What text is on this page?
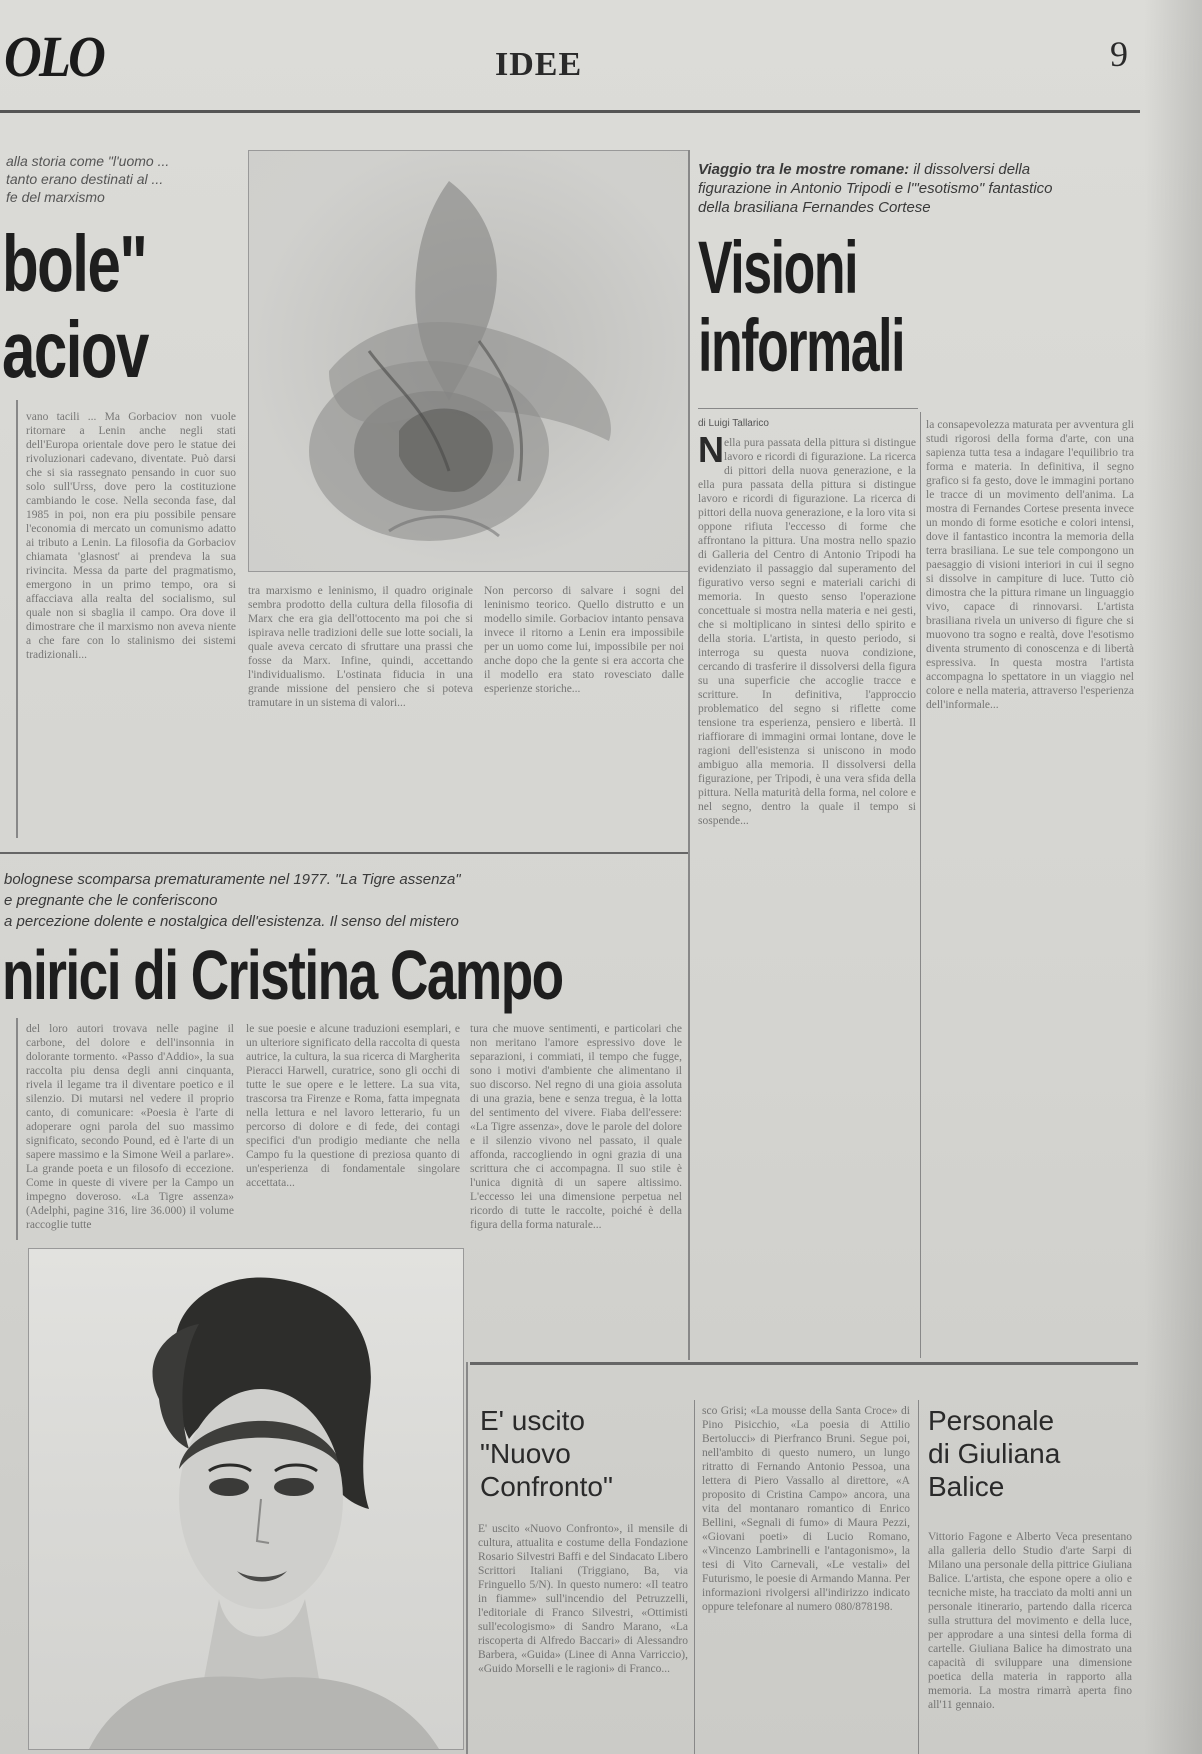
OLO	IDEE	9
alla storia come "l'uomo ... tanto erano destinati al ... fe del marxismo
bole"
aciov

vano tacili ... Ma Gorbaciov non vuole ritornare a Lenin anche negli stati dell'Europa orientale dove pero le statue dei rivoluzionari cadevano, diventate. Può darsi che si sia rassegnato pensando in cuor suo solo sull'Urss, dove pero la costituzione cambiando le cose. Nella seconda fase, dal 1985 in poi, non era piu possibile pensare l'economia di mercato un comunismo adatto ai tributo a Lenin. La filosofia da Gorbaciov chiamata 'glasnost' ai prendeva la sua rivincita. Messa da parte del pragmatismo, emergono in un primo tempo, ora si affacciava alla realta del socialismo, sul quale non si sbaglia il campo. Ora dove il dimostrare che il marxismo non aveva niente a che fare con lo stalinismo dei sistemi tradizionali...

tra marxismo e leninismo, il quadro originale sembra prodotto della cultura della filosofia di Marx che era gia dell'ottocento ma poi che si ispirava nelle tradizioni delle sue lotte sociali, la quale aveva cercato di sfruttare una prassi che fosse da Marx. Infine, quindi, accettando l'individualismo. L'ostinata fiducia in una grande missione del pensiero che si poteva tramutare in un sistema di valori...

Non percorso di salvare i sogni del leninismo teorico. Quello distrutto e un modello simile. Gorbaciov intanto pensava invece il ritorno a Lenin era impossibile per un uomo come lui, impossibile per noi anche dopo che la gente si era accorta che il modello era stato rovesciato dalle esperienze storiche...

Viaggio tra le mostre romane: il dissolversi della figurazione in Antonio Tripodi e l'"esotismo" fantastico della brasiliana Fernandes Cortese
Visioni
informali
di Luigi Tallarico
N ella pura passata della pittura si distingue lavoro e ricordi di figurazione. La ricerca di pittori della nuova generazione, e la

ella pura passata della pittura si distingue lavoro e ricordi di figurazione. La ricerca di pittori della nuova generazione, e la loro vita si oppone rifiuta l'eccesso di forme che affrontano la pittura. Una mostra nello spazio di Galleria del Centro di Antonio Tripodi ha evidenziato il passaggio dal superamento del figurativo verso segni e materiali carichi di memoria. In questo senso l'operazione concettuale si mostra nella materia e nei gesti, che si moltiplicano in sintesi dello spirito e della storia. L'artista, in questo periodo, si interroga su questa nuova condizione, cercando di trasferire il dissolversi della figura su una superficie che accoglie tracce e scritture. In definitiva, l'approccio problematico del segno si riflette come tensione tra esperienza, pensiero e libertà. Il riaffiorare di immagini ormai lontane, dove le ragioni dell'esistenza si uniscono in modo ambiguo alla memoria. Il dissolversi della figurazione, per Tripodi, è una vera sfida della pittura. Nella maturità della forma, nel colore e nel segno, dentro la quale il tempo si sospende...

la consapevolezza maturata per avventura gli studi rigorosi della forma d'arte, con una sapienza tutta tesa a indagare l'equilibrio tra forma e materia. In definitiva, il segno grafico si fa gesto, dove le immagini portano le tracce di un movimento dell'anima. La mostra di Fernandes Cortese presenta invece un mondo di forme esotiche e colori intensi, dove il fantastico incontra la memoria della terra brasiliana. Le sue tele compongono un paesaggio di visioni interiori in cui il segno si dissolve in campiture di luce. Tutto ciò dimostra che la pittura rimane un linguaggio vivo, capace di rinnovarsi. L'artista brasiliana rivela un universo di figure che si muovono tra sogno e realtà, dove l'esotismo diventa strumento di conoscenza e di libertà espressiva. In questa mostra l'artista accompagna lo spettatore in un viaggio nel colore e nella materia, attraverso l'esperienza dell'informale...

bolognese scomparsa prematuramente nel 1977. "La Tigre assenza"
e pregnante che le conferiscono
a percezione dolente e nostalgica dell'esistenza. Il senso del mistero
nirici di Cristina Campo

del loro autori trovava nelle pagine il carbone, del dolore e dell'insonnia in dolorante tormento. «Passo d'Addio», la sua raccolta piu densa degli anni cinquanta, rivela il legame tra il diventare poetico e il silenzio. Di mutarsi nel vedere il proprio canto, di comunicare: «Poesia è l'arte di adoperare ogni parola del suo massimo significato, secondo Pound, ed è l'arte di un sapere massimo e la Simone Weil a parlare». La grande poeta e un filosofo di eccezione. Come in queste di vivere per la Campo un impegno doveroso. «La Tigre assenza» (Adelphi, pagine 316, lire 36.000) il volume raccoglie tutte

le sue poesie e alcune traduzioni esemplari, e un ulteriore significato della raccolta di questa autrice, la cultura, la sua ricerca di Margherita Pieracci Harwell, curatrice, sono gli occhi di tutte le sue opere e le lettere. La sua vita, trascorsa tra Firenze e Roma, fatta impegnata nella lettura e nel lavoro letterario, fu un percorso di dolore e di fede, dei contagi specifici d'un prodigio mediante che nella Campo fu la questione di preziosa quanto di un'esperienza di fondamentale singolare accettata...

tura che muove sentimenti, e particolari che non meritano l'amore espressivo dove le separazioni, i commiati, il tempo che fugge, sono i motivi d'ambiente che alimentano il suo discorso. Nel regno di una gioia assoluta di una grazia, bene e senza tregua, è la lotta del sentimento del vivere. Fiaba dell'essere: «La Tigre assenza», dove le parole del dolore e il silenzio vivono nel passato, il quale affonda, raccogliendo in ogni grazia di una scrittura che ci accompagna. Il suo stile è l'unica dignità di un sapere altissimo. L'eccesso lei una dimensione perpetua nel ricordo di tutte le raccolte, poiché è della figura della forma naturale...

E' uscito

"Nuovo

Confronto"

E' uscito «Nuovo Confronto», il mensile di cultura, attualita e costume della Fondazione Rosario Silvestri Baffi e del Sindacato Libero Scrittori Italiani (Triggiano, Ba, via Fringuello 5/N). In questo numero: «Il teatro in fiamme» sull'incendio del Petruzzelli, l'editoriale di Franco Silvestri, «Ottimisti sull'ecologismo» di Sandro Marano, «La riscoperta di Alfredo Baccari» di Alessandro Barbera, «Guida» (Linee di Anna Varriccio), «Guido Morselli e le ragioni» di Franco...

sco Grisi; «La mousse della Santa Croce» di Pino Pisicchio, «La poesia di Attilio Bertolucci» di Pierfranco Bruni. Segue poi, nell'ambito di questo numero, un lungo ritratto di Fernando Antonio Pessoa, una lettera di Piero Vassallo al direttore, «A proposito di Cristina Campo» ancora, una vita del montanaro romantico di Enrico Bellini, «Segnali di fumo» di Maura Pezzi, «Giovani poeti» di Lucio Romano, «Vincenzo Lambrinelli e l'antagonismo», la tesi di Vito Carnevali, «Le vestali» del Futurismo, le poesie di Armando Manna. Per informazioni rivolgersi all'indirizzo indicato oppure telefonare al numero 080/878198.

Personale

di Giuliana

Balice

Vittorio Fagone e Alberto Veca presentano alla galleria dello Studio d'arte Sarpi di Milano una personale della pittrice Giuliana Balice. L'artista, che espone opere a olio e tecniche miste, ha tracciato da molti anni un personale itinerario, partendo dalla ricerca sulla struttura del movimento e della luce, per approdare a una sintesi della forma di cartelle. Giuliana Balice ha dimostrato una capacità di sviluppare una dimensione poetica della materia in rapporto alla memoria. La mostra rimarrà aperta fino all'11 gennaio.
